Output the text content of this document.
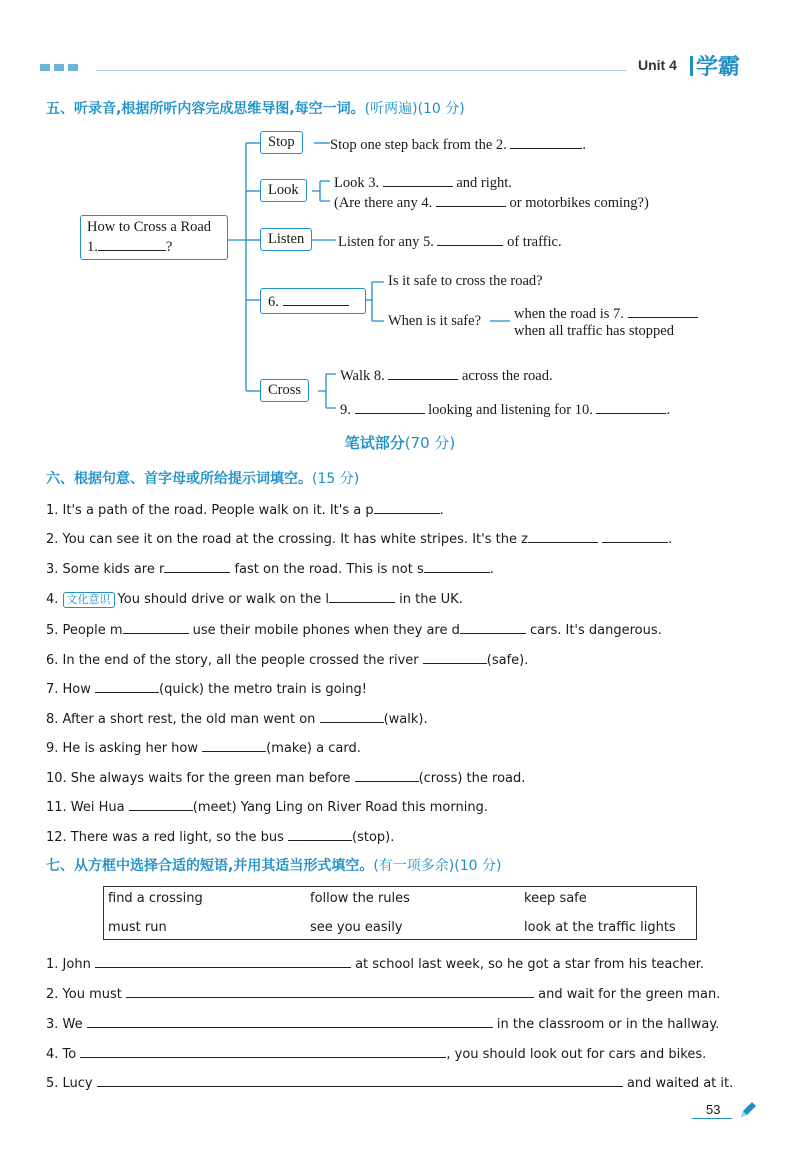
Unit 4 学霸
五、听录音,根据所听内容完成思维导图,每空一词。(听两遍)(10 分)
How to Cross a Road
1.	?
Stop	Stop one step back from the 2.	.
Look	Look 3.	and right.
(Are there any 4.	or motorbikes coming?)
Listen	Listen for any 5.	of traffic.
6.
Is it safe to cross the road?
When is it safe? when the road is 7.
when all traffic has stopped
Cross
Walk 8.	across the road.
9.	looking and listening for 10.	.
笔试部分(70 分)
六、根据句意、首字母或所给提示词填空。(15 分)
1. It's a path of the road. People walk on it. It's a p	.
2. You can see it on the road at the crossing. It has white stripes. It's the z	.
3. Some kids are r	fast on the road. This is not s	.
4. 文化意识 You should drive or walk on the l	in the UK.
5. People m	use their mobile phones when they are d	cars. It's dangerous.
6. In the end of the story, all the people crossed the river	(safe).
7. How	(quick) the metro train is going!
8. After a short rest, the old man went on	(walk).
9. He is asking her how	(make) a card.
10. She always waits for the green man before	(cross) the road.
11. Wei Hua	(meet) Yang Ling on River Road this morning.
12. There was a red light, so the bus	(stop).
七、从方框中选择合适的短语,并用其适当形式填空。(有一项多余)(10 分)
find a crossing	follow the rules	keep safe
must run	see you easily	look at the traffic lights
1. John	at school last week, so he got a star from his teacher.
2. You must	and wait for the green man.
3. We	in the classroom or in the hallway.
4. To	, you should look out for cars and bikes.
5. Lucy	and waited at it.
53
